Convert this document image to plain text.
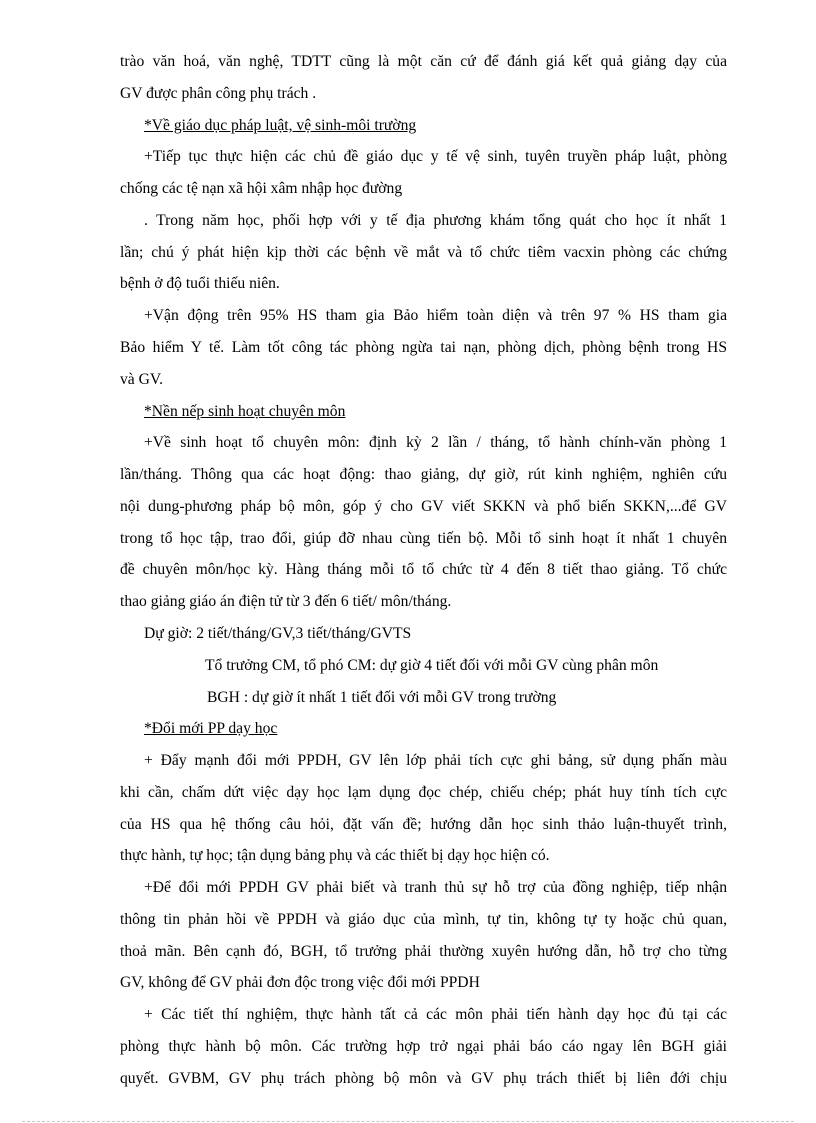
trào văn hoá, văn nghệ, TDTT cũng là một căn cứ để đánh giá kết quả giảng dạy của
GV được phân công phụ trách .
*Về giáo dục pháp luật, vệ sinh-môi trường
+Tiếp tục thực hiện các chủ đề giáo dục y tế vệ sinh, tuyên truyền pháp luật, phòng
chống các tệ nạn xã hội xâm nhập học đường
. Trong năm học, phối hợp với y tế địa phương khám tổng quát cho học ít nhất 1
lần; chú ý phát hiện kịp thời các bệnh về mắt và tổ chức tiêm vacxin phòng các chứng
bệnh ở độ tuổi thiếu niên.
+Vận động trên 95% HS tham gia Bảo hiểm toàn diện và trên 97 % HS tham gia
Bảo hiểm Y tế. Làm tốt công tác phòng ngừa tai nạn, phòng dịch, phòng bệnh trong HS
và GV.
*Nền nếp sinh hoạt chuyên môn
+Về sinh hoạt tổ chuyên môn: định kỳ 2 lần / tháng, tổ hành chính-văn phòng 1
lần/tháng. Thông qua các hoạt động: thao giảng, dự giờ, rút kinh nghiệm, nghiên cứu
nội dung-phương pháp bộ môn, góp ý cho GV viết SKKN và phổ biến SKKN,...để GV
trong tổ học tập, trao đổi, giúp đỡ nhau cùng tiến bộ. Mỗi tổ sinh hoạt ít nhất 1 chuyên
đề chuyên môn/học kỳ. Hàng tháng mỗi tổ tổ chức từ 4 đến 8 tiết thao giảng. Tổ chức
thao giảng giáo án điện tử từ 3 đến 6 tiết/ môn/tháng.
Dự giờ: 2 tiết/tháng/GV,3 tiết/tháng/GVTS
Tổ trưởng CM, tổ phó CM: dự giờ 4 tiết đối với mỗi GV cùng phân môn
BGH : dự giờ ít nhất 1 tiết đối với mỗi GV trong trường
*Đổi mới PP dạy học
+ Đẩy mạnh đổi mới PPDH, GV lên lớp phải tích cực ghi bảng, sử dụng phấn màu
khi cần, chấm dứt việc dạy học lạm dụng đọc chép, chiếu chép; phát huy tính tích cực
của HS qua hệ thống câu hỏi, đặt vấn đề; hướng dẫn học sinh thảo luận-thuyết trình,
thực hành, tự học; tận dụng bảng phụ và các thiết bị dạy học hiện có.
+Để đổi mới PPDH GV phải biết và tranh thủ sự hỗ trợ của đồng nghiệp, tiếp nhận
thông tin phản hồi về PPDH và giáo dục của mình, tự tin, không tự ty hoặc chủ quan,
thoả mãn. Bên cạnh đó, BGH, tổ trưởng phải thường xuyên hướng dẫn, hỗ trợ cho từng
GV, không để GV phải đơn độc trong việc đổi mới PPDH
+ Các tiết thí nghiệm, thực hành tất cả các môn phải tiến hành dạy học đủ tại các
phòng thực hành bộ môn. Các trường hợp trở ngại phải báo cáo ngay lên BGH giải
quyết. GVBM, GV phụ trách phòng bộ môn và GV phụ trách thiết bị liên đới chịu
